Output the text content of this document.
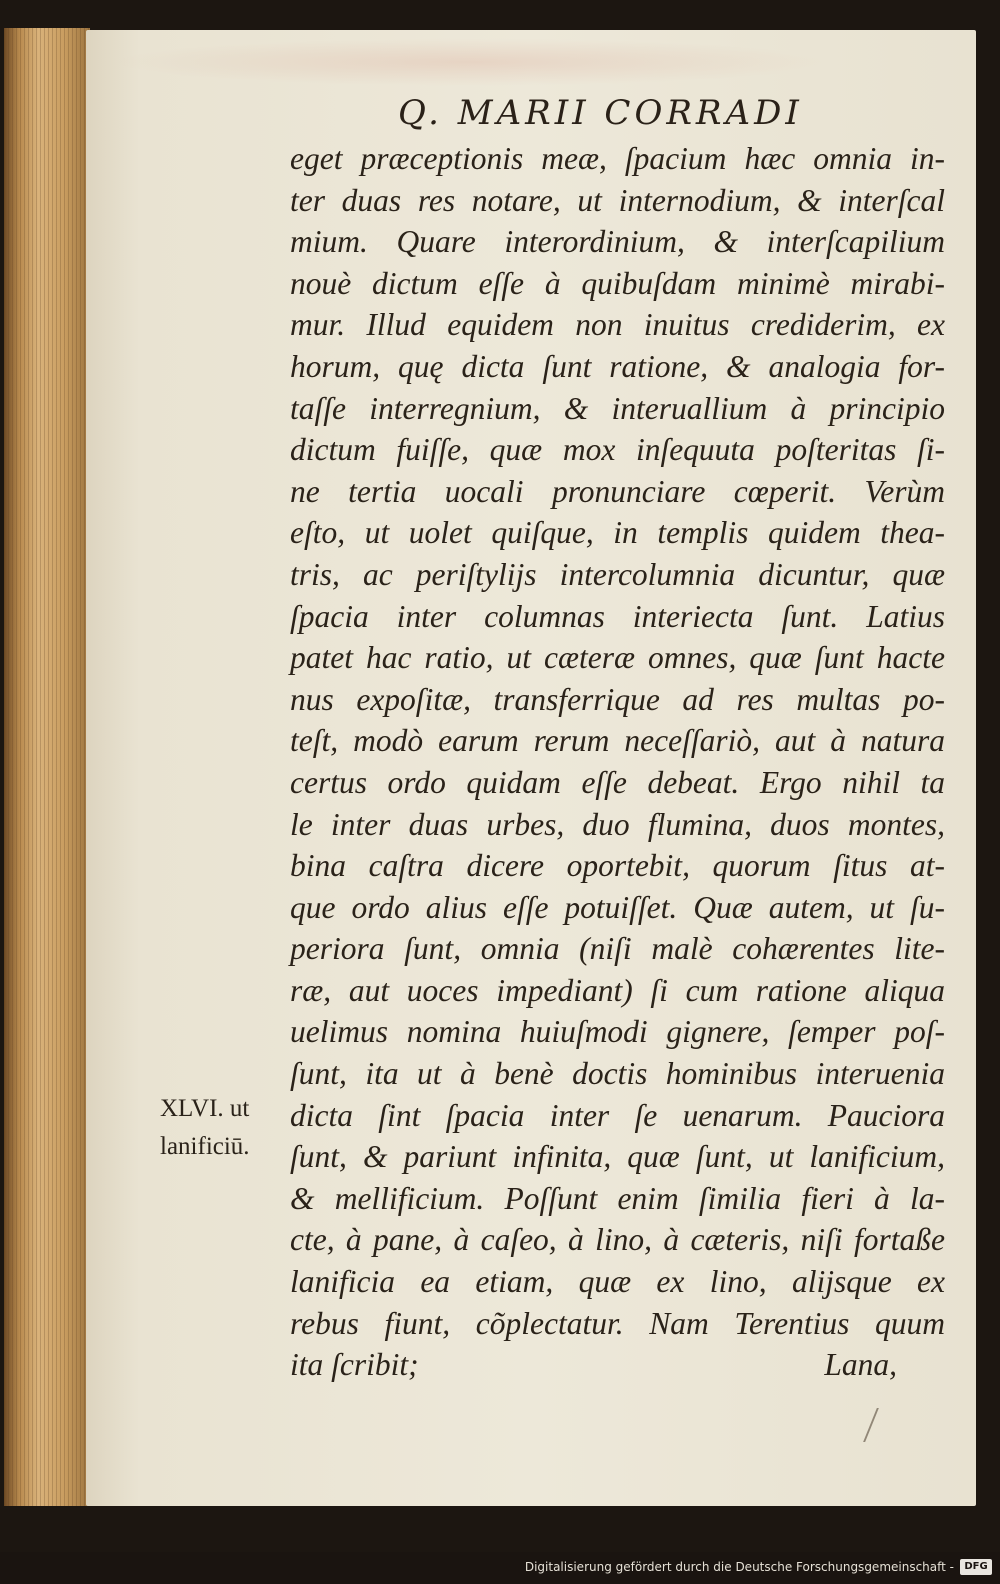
Q. MARII CORRADI
eget præceptionis meæ, ſpacium hæc omnia in-
ter duas res notare, ut internodium, & interſcal
mium. Quare interordinium, & interſcapilium
nouè dictum eſſe à quibuſdam minimè mirabi-
mur. Illud equidem non inuitus crediderim, ex
horum, quę dicta ſunt ratione, & analogia for-
taſſe interregnium, & interuallium à principio
dictum fuiſſe, quæ mox inſequuta poſteritas ſi-
ne tertia uocali pronunciare cœperit. Verùm
eſto, ut uolet quiſque, in templis quidem thea-
tris, ac periſtylijs intercolumnia dicuntur, quæ
ſpacia inter columnas interiecta ſunt. Latius
patet hac ratio, ut cæteræ omnes, quæ ſunt hacte
nus expoſitæ, transferrique ad res multas po-
teſt, modò earum rerum neceſſariò, aut à natura
certus ordo quidam eſſe debeat. Ergo nihil ta
le inter duas urbes, duo flumina, duos montes,
bina caſtra dicere oportebit, quorum ſitus at-
que ordo alius eſſe potuiſſet. Quæ autem, ut ſu-
periora ſunt, omnia (niſi malè cohærentes lite-
ræ, aut uoces impediant) ſi cum ratione aliqua
uelimus nomina huiuſmodi gignere, ſemper poſ-
ſunt, ita ut à benè doctis hominibus interuenia
dicta ſint ſpacia inter ſe uenarum. Pauciora
ſunt, & pariunt infinita, quæ ſunt, ut lanificium,
& mellificium. Poſſunt enim ſimilia fieri à la-
cte, à pane, à caſeo, à lino, à cæteris, niſi fortaße
lanificia ea etiam, quæ ex lino, alijsque ex
rebus fiunt, cõplectatur. Nam Terentius quum
ita ſcribit;	Lana,
XLVI. ut
lanificiū.
Digitalisierung gefördert durch die Deutsche Forschungsgemeinschaft -	DFG
